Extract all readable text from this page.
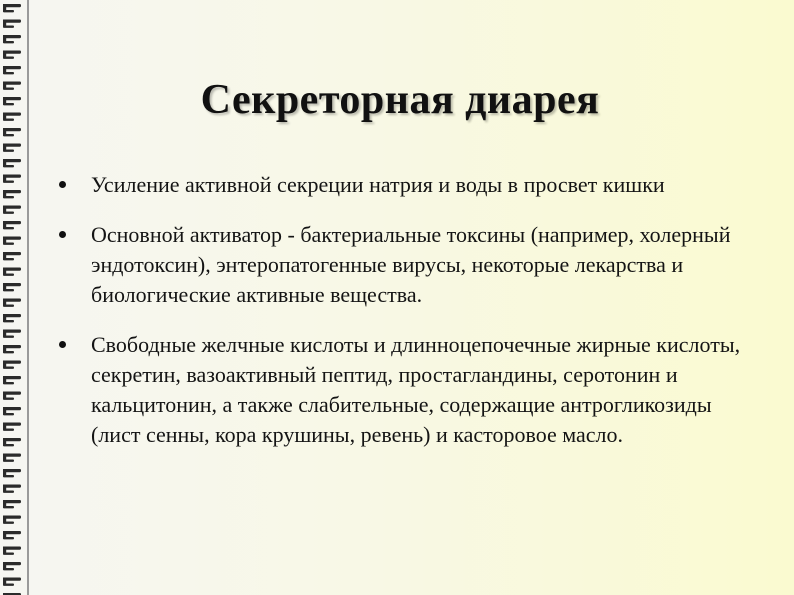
Секреторная диарея
Усиление активной секреции натрия и воды в просвет кишки
Основной активатор - бактериальные токсины (например, холерный эндотоксин), энтеропатогенные вирусы, некоторые лекарства и биологические активные вещества.
Свободные желчные кислоты и длинноцепочечные жирные кислоты, секретин, вазоактивный пептид, простагландины, серотонин и кальцитонин, а также слабительные, содержащие антрогликозиды (лист сенны, кора крушины, ревень) и касторовое масло.
